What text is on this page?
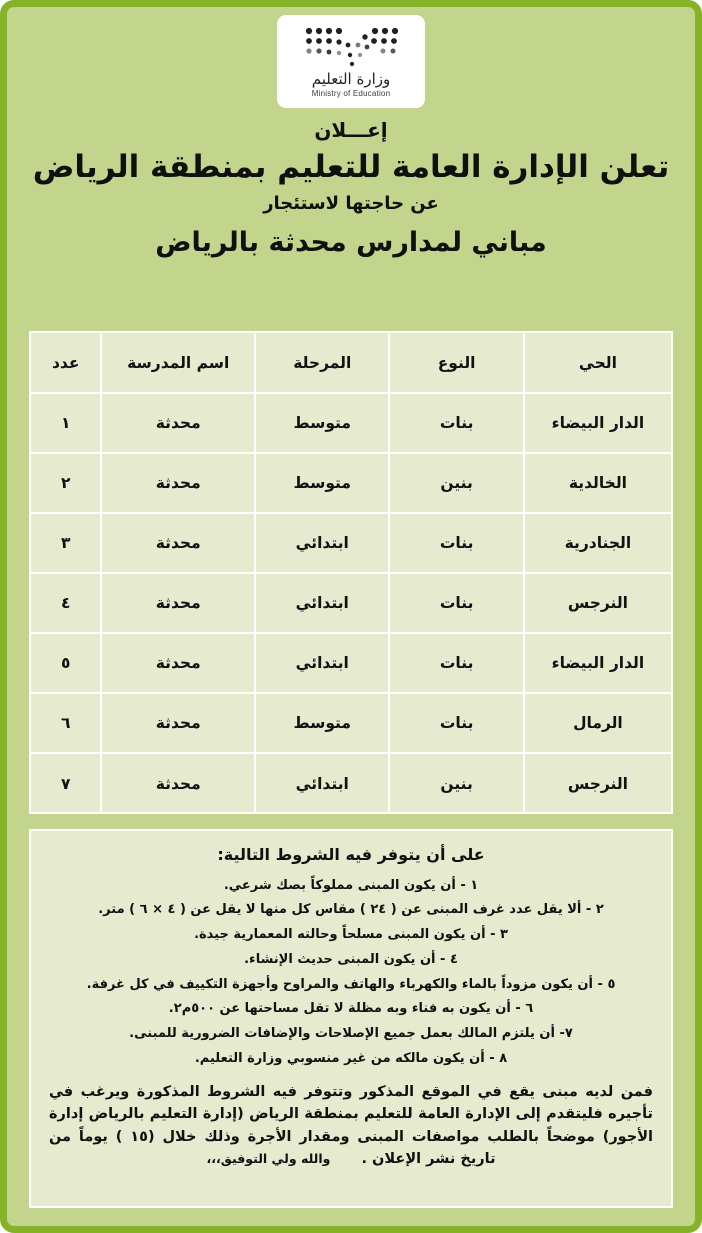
وزارة التعليم
Ministry of Education
إعـــلان
تعلن الإدارة العامة للتعليم بمنطقة الرياض
عن حاجتها لاستئجار
مباني لمدارس محدثة بالرياض
الحي	النوع	المرحلة	اسم المدرسة	عدد
الدار البيضاء	بنات	متوسط	محدثة	١
الخالدية	بنين	متوسط	محدثة	٢
الجنادرية	بنات	ابتدائي	محدثة	٣
النرجس	بنات	ابتدائي	محدثة	٤
الدار البيضاء	بنات	ابتدائي	محدثة	٥
الرمال	بنات	متوسط	محدثة	٦
النرجس	بنين	ابتدائي	محدثة	٧
على أن يتوفر فيه الشروط التالية:
١ - أن يكون المبنى مملوكاً بصك شرعي.
٢ - ألا يقل عدد غرف المبنى عن ( ٢٤ ) مقاس كل منها لا يقل عن ( ٤ × ٦ ) متر.
٣ - أن يكون المبنى مسلحاً وحالته المعمارية جيدة.
٤ - أن يكون المبنى حديث الإنشاء.
٥ - أن يكون مزوداً بالماء والكهرباء والهاتف والمراوح وأجهزة التكييف في كل غرفة.
٦ - أن يكون به فناء وبه مظلة لا تقل مساحتها عن ٥٠٠م٢.
٧- أن يلتزم المالك بعمل جميع الإصلاحات والإضافات الضرورية للمبنى.
٨ - أن يكون مالكه من غير منسوبي وزارة التعليم.
فمن لديه مبنى يقع في الموقع المذكور وتتوفر فيه الشروط المذكورة ويرغب في تأجيره فليتقدم إلى الإدارة العامة للتعليم بمنطقة الرياض (إدارة التعليم بالرياض إدارة الأجور) موضحاً بالطلب مواصفات المبنى ومقدار الأجرة وذلك خلال (١٥ ) يوماً من تاريخ نشر الإعلان . والله ولي التوفيق،،،
